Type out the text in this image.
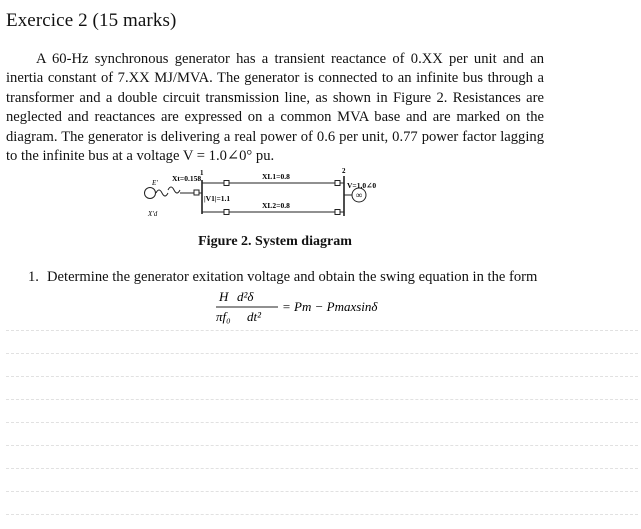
Exercice 2 (15 marks)
A 60-Hz synchronous generator has a transient reactance of 0.XX per unit and an inertia constant of 7.XX MJ/MVA. The generator is connected to an infinite bus through a transformer and a double circuit transmission line, as shown in Figure 2. Resistances are neglected and reactances are expressed on a common MVA base and are marked on the diagram. The generator is delivering a real power of 0.6 per unit, 0.77 power factor lagging to the infinite bus at a voltage V = 1.0∠0° pu.
∞
E'
X'd
Xt=0.158
|V1|=1.1
XL1=0.8
XL2=0.8
V=1.0∠0
1	2
Figure 2. System diagram
1. Determine the generator exitation voltage and obtain the swing equation in the form
H d²δ
πf₀ dt²
= Pm − Pmaxsinδ
